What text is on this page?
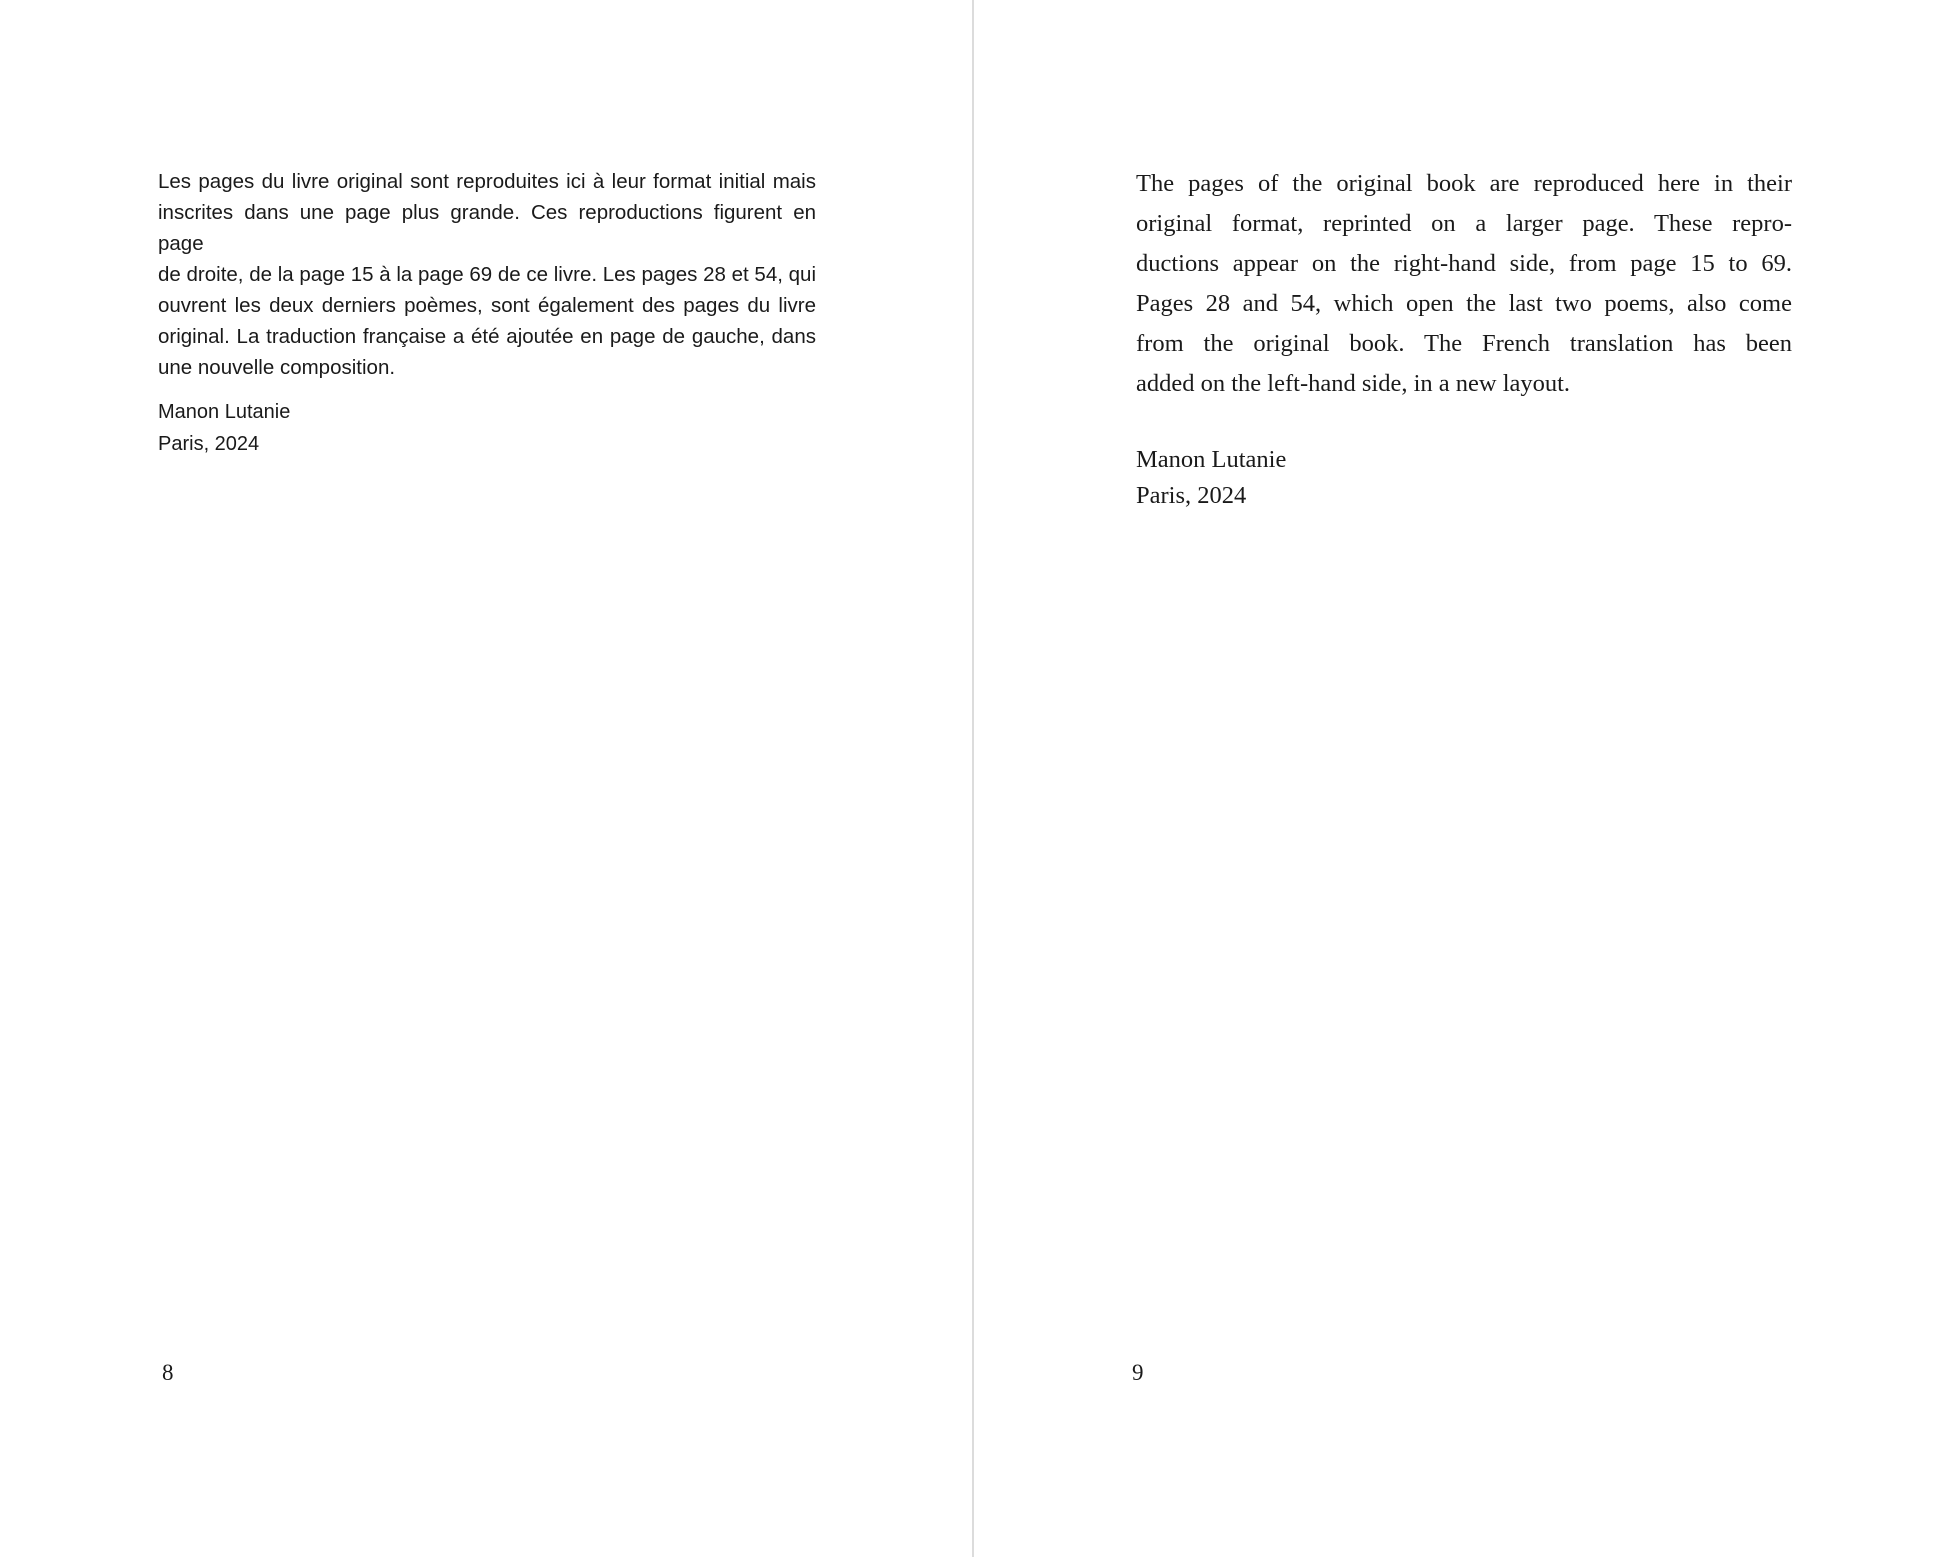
Les pages du livre original sont reproduites ici à leur format initial mais
inscrites dans une page plus grande. Ces reproductions figurent en page
de droite, de la page 15 à la page 69 de ce livre. Les pages 28 et 54, qui
ouvrent les deux derniers poèmes, sont également des pages du livre
original. La traduction française a été ajoutée en page de gauche, dans
une nouvelle composition.
Manon Lutanie
Paris, 2024
8
The pages of the original book are reproduced here in their
original format, reprinted on a larger page. These repro-
ductions appear on the right-hand side, from page 15 to 69.
Pages 28 and 54, which open the last two poems, also come
from the original book. The French translation has been
added on the left-hand side, in a new layout.
Manon Lutanie
Paris, 2024
9
